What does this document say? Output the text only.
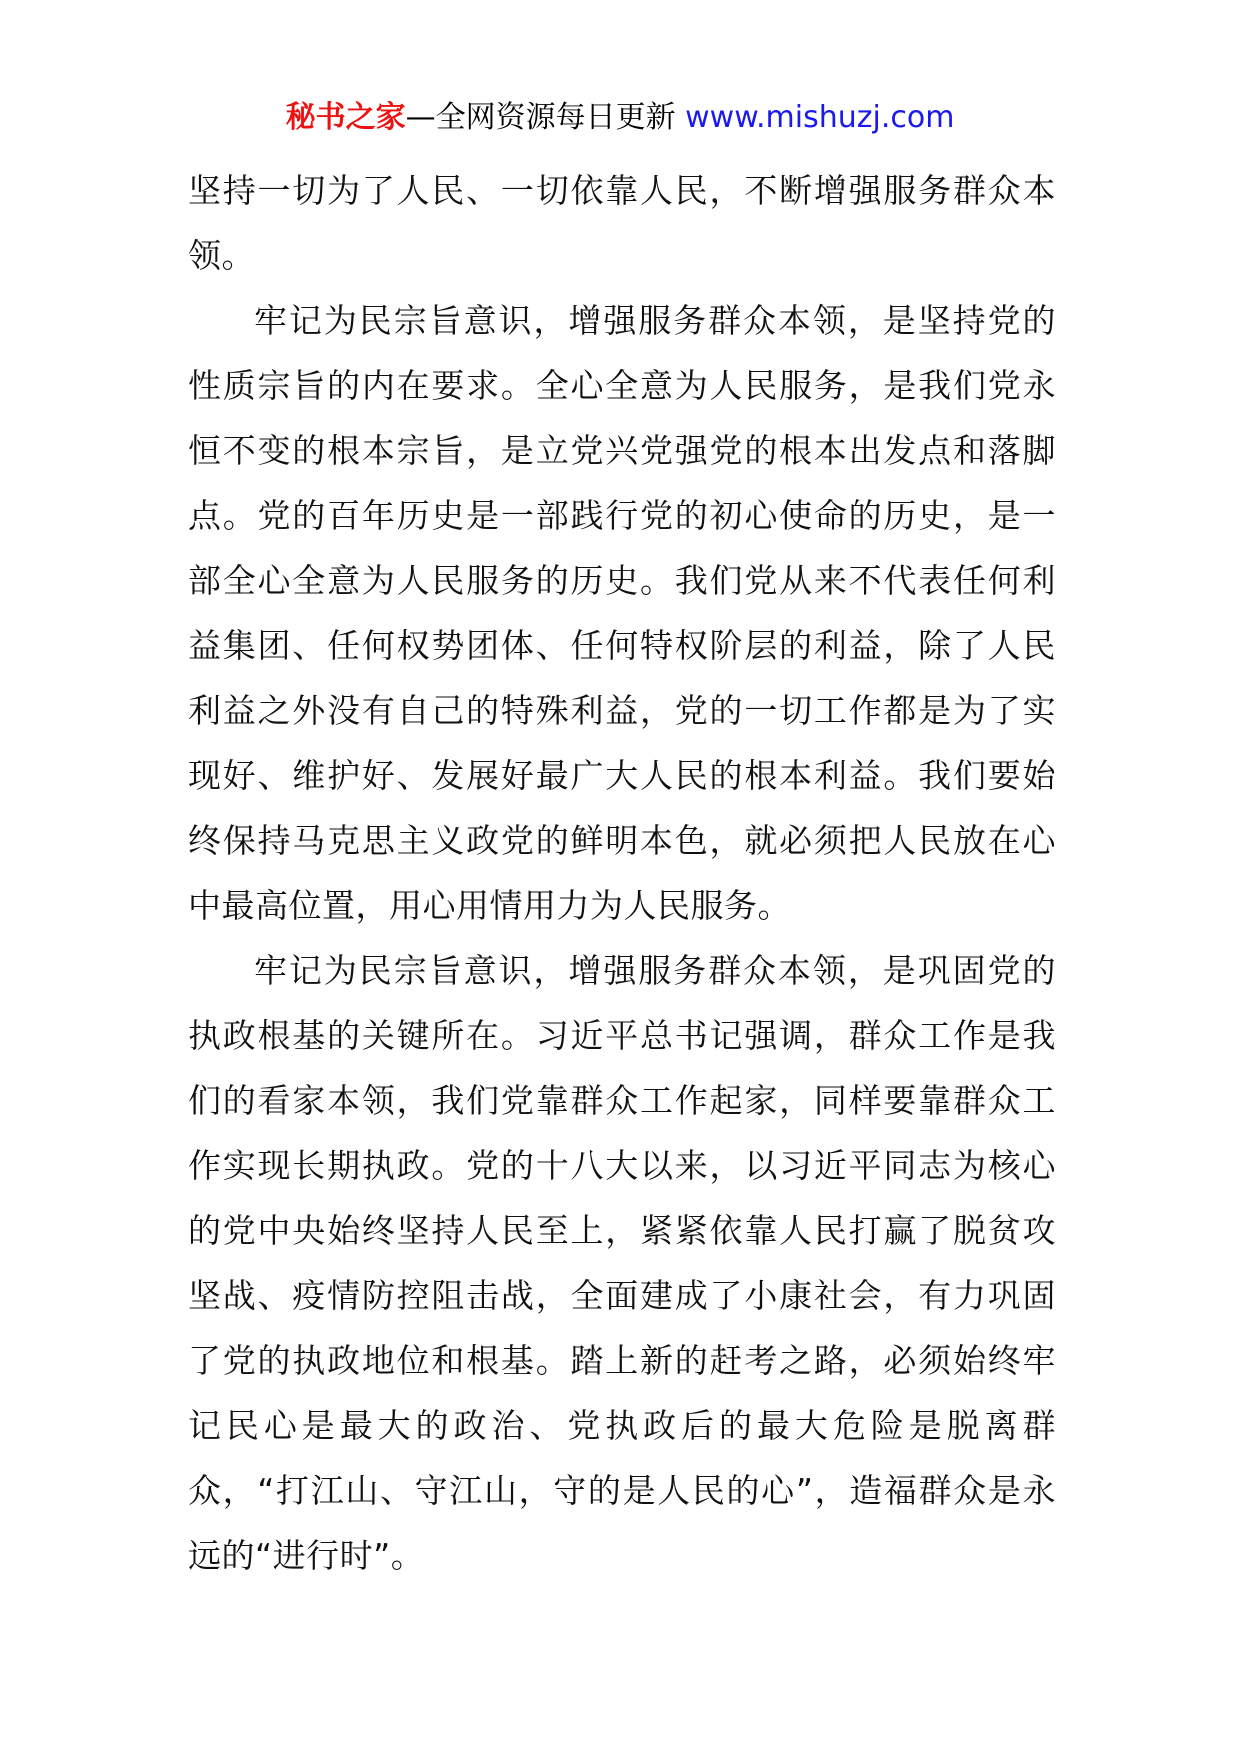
秘书之家—全网资源每日更新 www.mishuzj.com

坚持一切为了人民、一切依靠人民，不断增强服务群众本领。

牢记为民宗旨意识，增强服务群众本领，是坚持党的性质宗旨的内在要求。全心全意为人民服务，是我们党永恒不变的根本宗旨，是立党兴党强党的根本出发点和落脚点。党的百年历史是一部践行党的初心使命的历史，是一部全心全意为人民服务的历史。我们党从来不代表任何利益集团、任何权势团体、任何特权阶层的利益，除了人民利益之外没有自己的特殊利益，党的一切工作都是为了实现好、维护好、发展好最广大人民的根本利益。我们要始终保持马克思主义政党的鲜明本色，就必须把人民放在心中最高位置，用心用情用力为人民服务。

牢记为民宗旨意识，增强服务群众本领，是巩固党的执政根基的关键所在。习近平总书记强调，群众工作是我们的看家本领，我们党靠群众工作起家，同样要靠群众工作实现长期执政。党的十八大以来，以习近平同志为核心的党中央始终坚持人民至上，紧紧依靠人民打赢了脱贫攻坚战、疫情防控阻击战，全面建成了小康社会，有力巩固了党的执政地位和根基。踏上新的赶考之路，必须始终牢记民心是最大的政治、党执政后的最大危险是脱离群众，“打江山、守江山，守的是人民的心”，造福群众是永远的“进行时”。
